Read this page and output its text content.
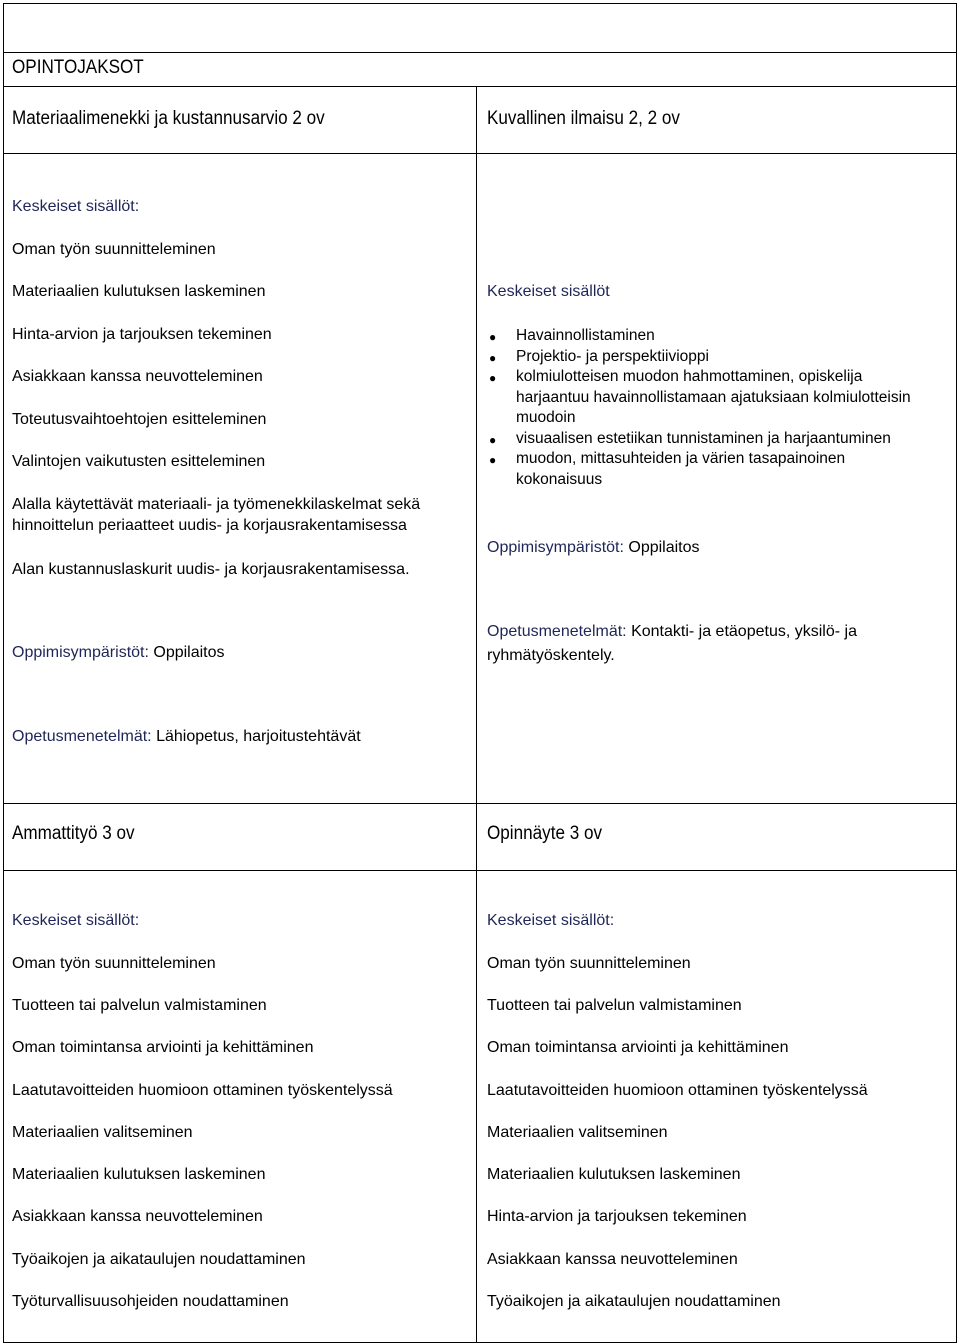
OPINTOJAKSOT
Materiaalimenekki ja kustannusarvio 2 ov	Kuvallinen ilmaisu 2, 2 ov
Ammattityö 3 ov	Opinnäyte 3 ov
Keskeiset sisällöt:
Oman työn suunnitteleminen
Materiaalien kulutuksen laskeminen
Hinta-arvion ja tarjouksen tekeminen
Asiakkaan kanssa neuvotteleminen
Toteutusvaihtoehtojen esitteleminen
Valintojen vaikutusten esitteleminen
Alalla käytettävät materiaali- ja työmenekkilaskelmat sekä
hinnoittelun periaatteet uudis- ja korjausrakentamisessa
Alan kustannuslaskurit uudis- ja korjausrakentamisessa.
Oppimisympäristöt: Oppilaitos
Opetusmenetelmät: Lähiopetus, harjoitustehtävät
Keskeiset sisällöt
● Havainnollistaminen
● Projektio- ja perspektiivioppi
● kolmiulotteisen muodon hahmottaminen, opiskelija harjaantuu havainnollistamaan ajatuksiaan kolmiulotteisin muodoin
● visuaalisen estetiikan tunnistaminen ja harjaantuminen
● muodon, mittasuhteiden ja värien tasapainoinen kokonaisuus
Oppimisympäristöt: Oppilaitos
Opetusmenetelmät: Kontakti- ja etäopetus, yksilö- ja
ryhmätyöskentely.
Keskeiset sisällöt:
Oman työn suunnitteleminen
Tuotteen tai palvelun valmistaminen
Oman toimintansa arviointi ja kehittäminen
Laatutavoitteiden huomioon ottaminen työskentelyssä
Materiaalien valitseminen
Materiaalien kulutuksen laskeminen
Asiakkaan kanssa neuvotteleminen
Työaikojen ja aikataulujen noudattaminen
Työturvallisuusohjeiden noudattaminen
Keskeiset sisällöt:
Oman työn suunnitteleminen
Tuotteen tai palvelun valmistaminen
Oman toimintansa arviointi ja kehittäminen
Laatutavoitteiden huomioon ottaminen työskentelyssä
Materiaalien valitseminen
Materiaalien kulutuksen laskeminen
Hinta-arvion ja tarjouksen tekeminen
Asiakkaan kanssa neuvotteleminen
Työaikojen ja aikataulujen noudattaminen
